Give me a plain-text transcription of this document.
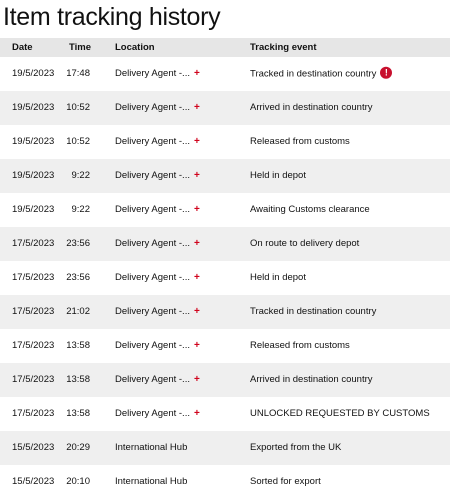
Item tracking history
Date	Time	Location	Tracking event
19/5/2023 17:48	Delivery Agent -... +	Tracked in destination country !
19/5/2023 10:52	Delivery Agent -... +	Arrived in destination country
19/5/2023 10:52	Delivery Agent -... +	Released from customs
19/5/2023 9:22	Delivery Agent -... +	Held in depot
19/5/2023 9:22	Delivery Agent -... +	Awaiting Customs clearance
17/5/2023 23:56	Delivery Agent -... +	On route to delivery depot
17/5/2023 23:56	Delivery Agent -... +	Held in depot
17/5/2023 21:02	Delivery Agent -... +	Tracked in destination country
17/5/2023 13:58	Delivery Agent -... +	Released from customs
17/5/2023 13:58	Delivery Agent -... +	Arrived in destination country
17/5/2023 13:58	Delivery Agent -... +	UNLOCKED REQUESTED BY CUSTOMS
15/5/2023 20:29	International Hub	Exported from the UK
15/5/2023 20:10	International Hub	Sorted for export
